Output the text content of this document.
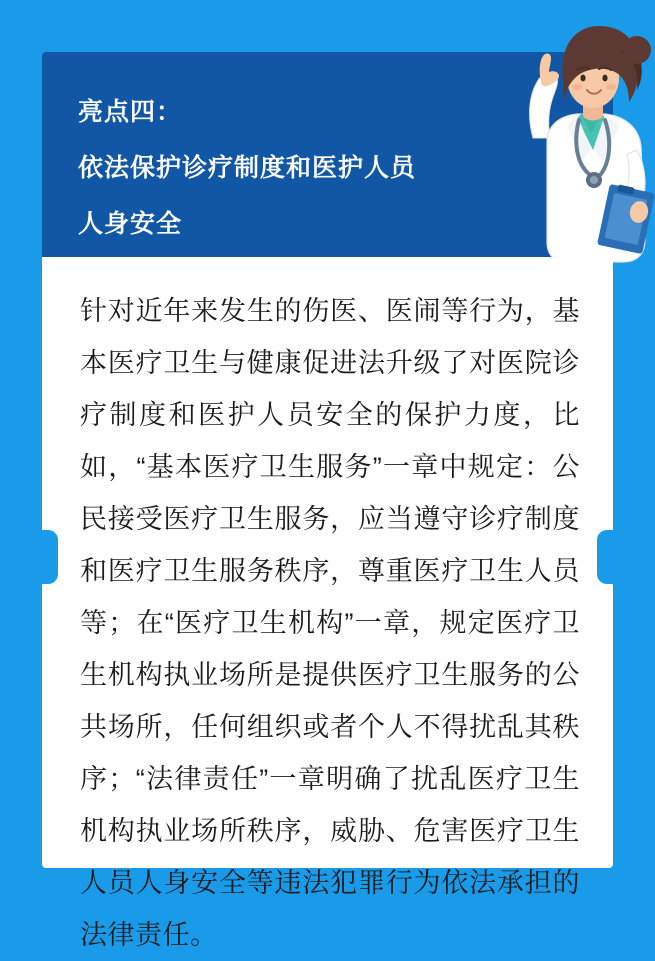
亮点四：
依法保护诊疗制度和医护人员
人身安全
针对近年来发生的伤医、医闹等行为，基本医疗卫生与健康促进法升级了对医院诊疗制度和医护人员安全的保护力度，比如，“基本医疗卫生服务”一章中规定：公民接受医疗卫生服务，应当遵守诊疗制度和医疗卫生服务秩序，尊重医疗卫生人员等；在“医疗卫生机构”一章，规定医疗卫生机构执业场所是提供医疗卫生服务的公共场所，任何组织或者个人不得扰乱其秩序；“法律责任”一章明确了扰乱医疗卫生机构执业场所秩序，威胁、危害医疗卫生人员人身安全等违法犯罪行为依法承担的法律责任。
